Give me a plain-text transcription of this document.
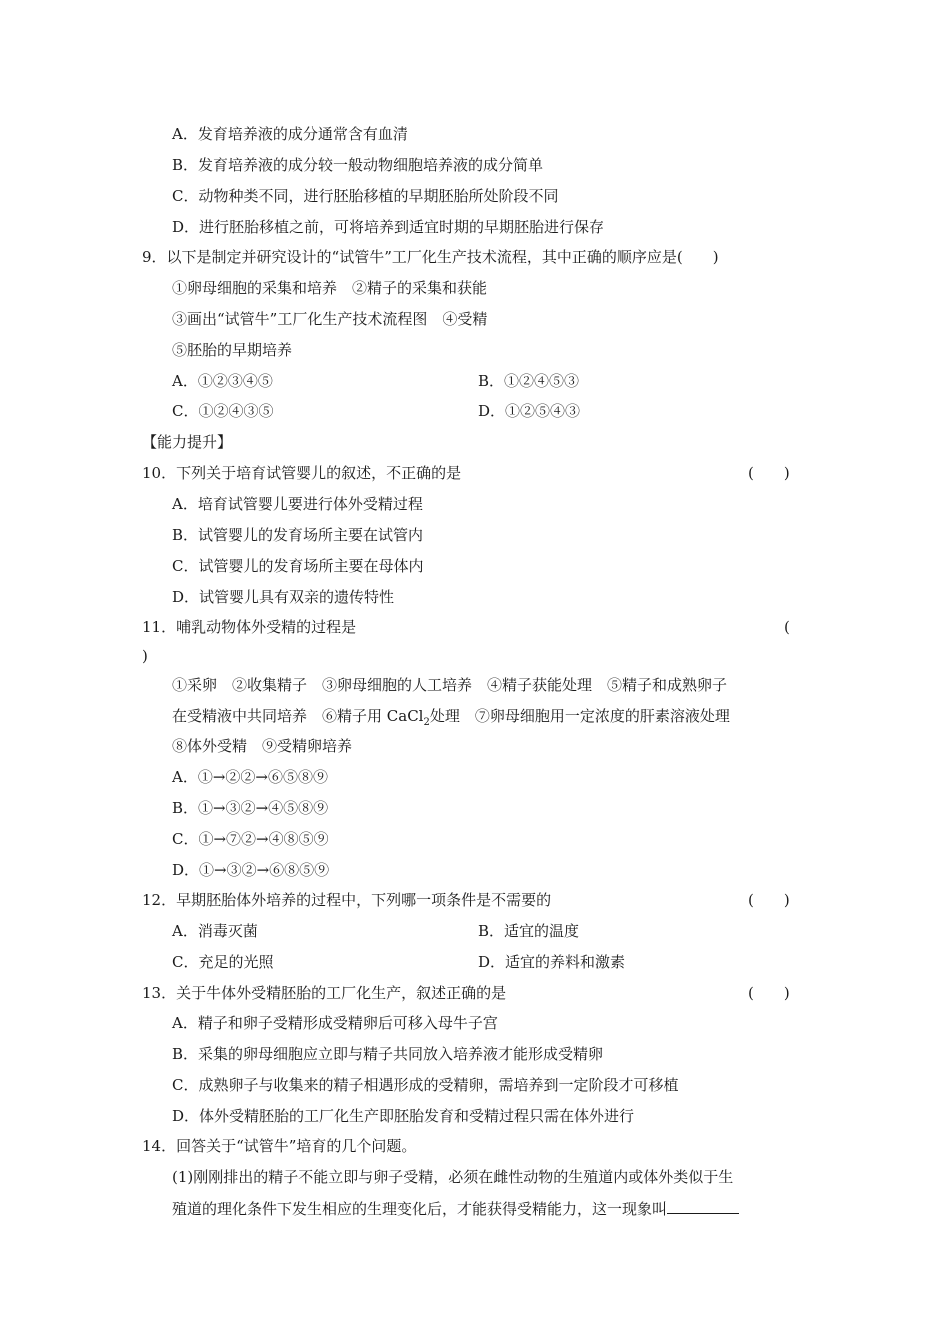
A．发育培养液的成分通常含有血清
B．发育培养液的成分较一般动物细胞培养液的成分简单
C．动物种类不同，进行胚胎移植的早期胚胎所处阶段不同
D．进行胚胎移植之前，可将培养到适宜时期的早期胚胎进行保存
9．以下是制定并研究设计的“试管牛”工厂化生产技术流程，其中正确的顺序应是(　　)
①卵母细胞的采集和培养　②精子的采集和获能
③画出“试管牛”工厂化生产技术流程图　④受精
⑤胚胎的早期培养
A．①②③④⑤	B．①②④⑤③
C．①②④③⑤	D．①②⑤④③
【能力提升】
10．下列关于培育试管婴儿的叙述，不正确的是	(　　)
A．培育试管婴儿要进行体外受精过程
B．试管婴儿的发育场所主要在试管内
C．试管婴儿的发育场所主要在母体内
D．试管婴儿具有双亲的遗传特性
11．哺乳动物体外受精的过程是	(
)
①采卵　②收集精子　③卵母细胞的人工培养　④精子获能处理　⑤精子和成熟卵子
在受精液中共同培养　⑥精子用 CaCl$_2$处理　⑦卵母细胞用一定浓度的肝素溶液处理
⑧体外受精　⑨受精卵培养
A．①→②②→⑥⑤⑧⑨
B．①→③②→④⑤⑧⑨
C．①→⑦②→④⑧⑤⑨
D．①→③②→⑥⑧⑤⑨
12．早期胚胎体外培养的过程中，下列哪一项条件是不需要的	(　　)
A．消毒灭菌	B．适宜的温度
C．充足的光照	D．适宜的养料和激素
13．关于牛体外受精胚胎的工厂化生产，叙述正确的是	(　　)
A．精子和卵子受精形成受精卵后可移入母牛子宫
B．采集的卵母细胞应立即与精子共同放入培养液才能形成受精卵
C．成熟卵子与收集来的精子相遇形成的受精卵，需培养到一定阶段才可移植
D．体外受精胚胎的工厂化生产即胚胎发育和受精过程只需在体外进行
14．回答关于“试管牛”培育的几个问题。
(1)刚刚排出的精子不能立即与卵子受精，必须在雌性动物的生殖道内或体外类似于生
殖道的理化条件下发生相应的生理变化后，才能获得受精能力，这一现象叫
